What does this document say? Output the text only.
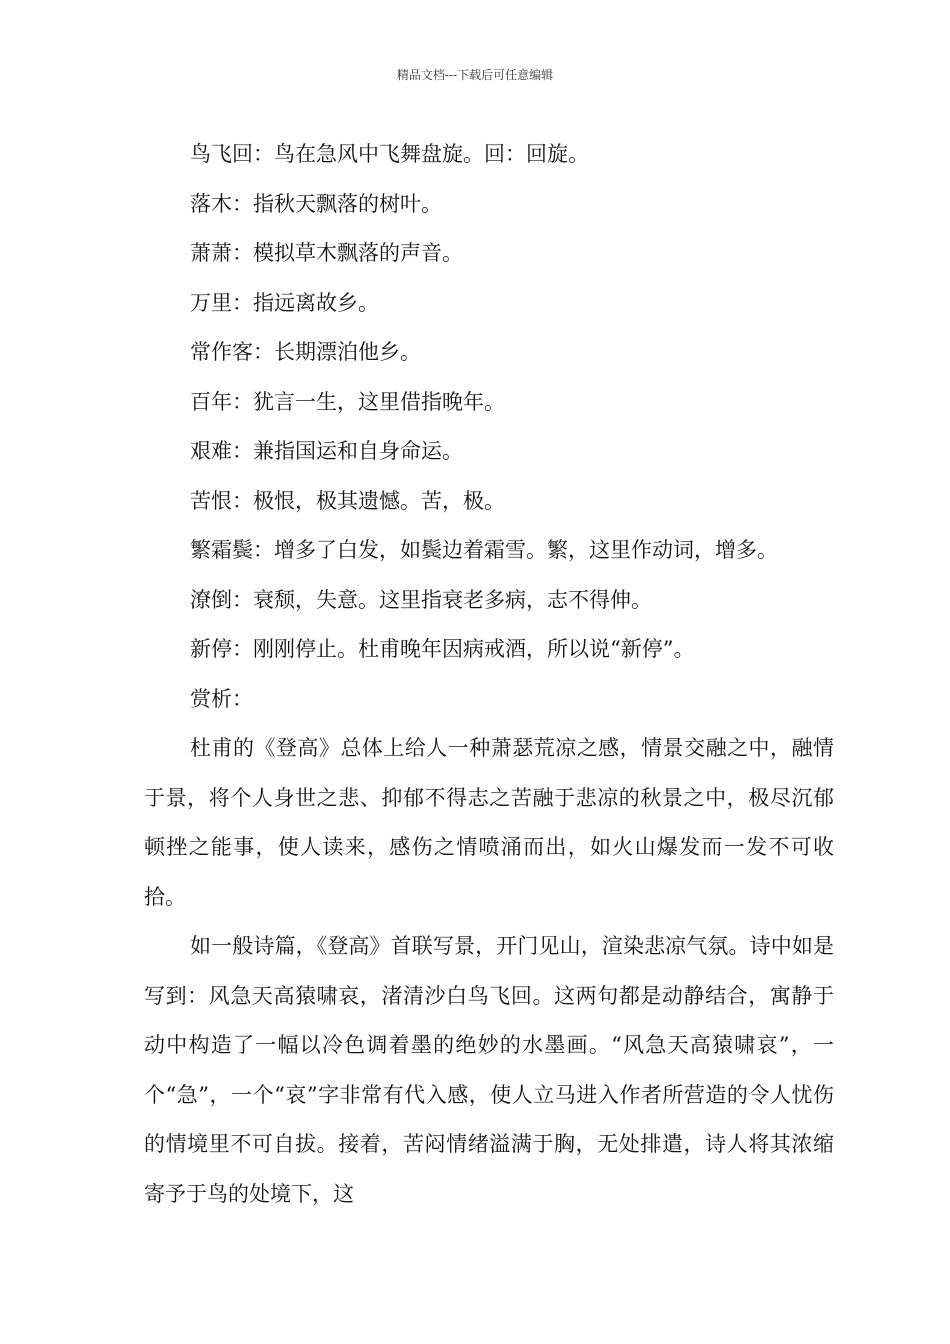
精品文档---下载后可任意编辑
鸟飞回：鸟在急风中飞舞盘旋。回：回旋。
落木：指秋天飘落的树叶。
萧萧：模拟草木飘落的声音。
万里：指远离故乡。
常作客：长期漂泊他乡。
百年：犹言一生，这里借指晚年。
艰难：兼指国运和自身命运。
苦恨：极恨，极其遗憾。苦，极。
繁霜鬓：增多了白发，如鬓边着霜雪。繁，这里作动词，增多。
潦倒：衰颓，失意。这里指衰老多病，志不得伸。
新停：刚刚停止。杜甫晚年因病戒酒，所以说“新停”。
赏析：

杜甫的《登高》总体上给人一种萧瑟荒凉之感，情景交融之中，融情于景，将个人身世之悲、抑郁不得志之苦融于悲凉的秋景之中，极尽沉郁顿挫之能事，使人读来，感伤之情喷涌而出，如火山爆发而一发不可收拾。

如一般诗篇，《登高》首联写景，开门见山，渲染悲凉气氛。诗中如是写到：风急天高猿啸哀，渚清沙白鸟飞回。这两句都是动静结合，寓静于动中构造了一幅以冷色调着墨的绝妙的水墨画。“风急天高猿啸哀”，一个“急”，一个“哀”字非常有代入感，使人立马进入作者所营造的令人忧伤的情境里不可自拔。接着，苦闷情绪溢满于胸，无处排遣，诗人将其浓缩寄予于鸟的处境下，这
